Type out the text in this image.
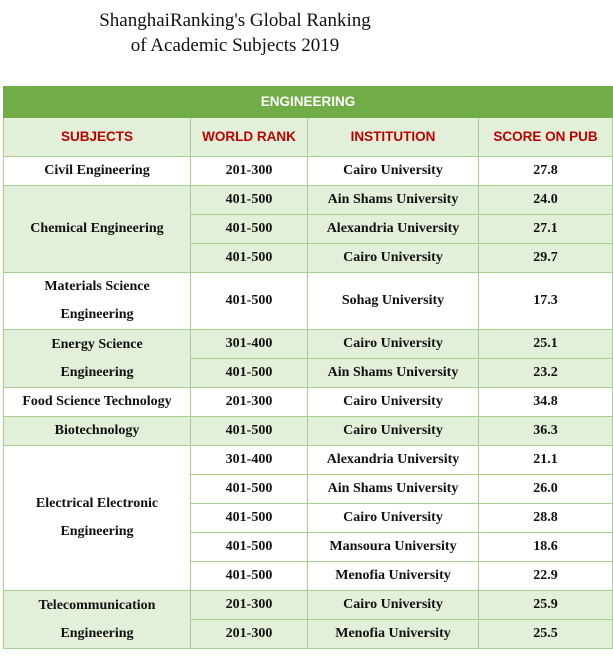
ShanghaiRanking's Global Ranking
of Academic Subjects 2019
ENGINEERING			
SUBJECTS	WORLD RANK	INSTITUTION	SCORE ON PUB
Civil Engineering	201-300	Cairo University	27.8
Chemical Engineering	401-500	Ain Shams University	24.0
	401-500	Alexandria University	27.1
	401-500	Cairo University	29.7
Materials Science
Engineering	401-500	Sohag University	17.3
Energy Science
Engineering	301-400	Cairo University	25.1
	401-500	Ain Shams University	23.2
Food Science Technology	201-300	Cairo University	34.8
Biotechnology	401-500	Cairo University	36.3
Electrical Electronic
Engineering	301-400	Alexandria University	21.1
	401-500	Ain Shams University	26.0
	401-500	Cairo University	28.8
	401-500	Mansoura University	18.6
	401-500	Menofia University	22.9
Telecommunication
Engineering	201-300	Cairo University	25.9
	201-300	Menofia University	25.5
